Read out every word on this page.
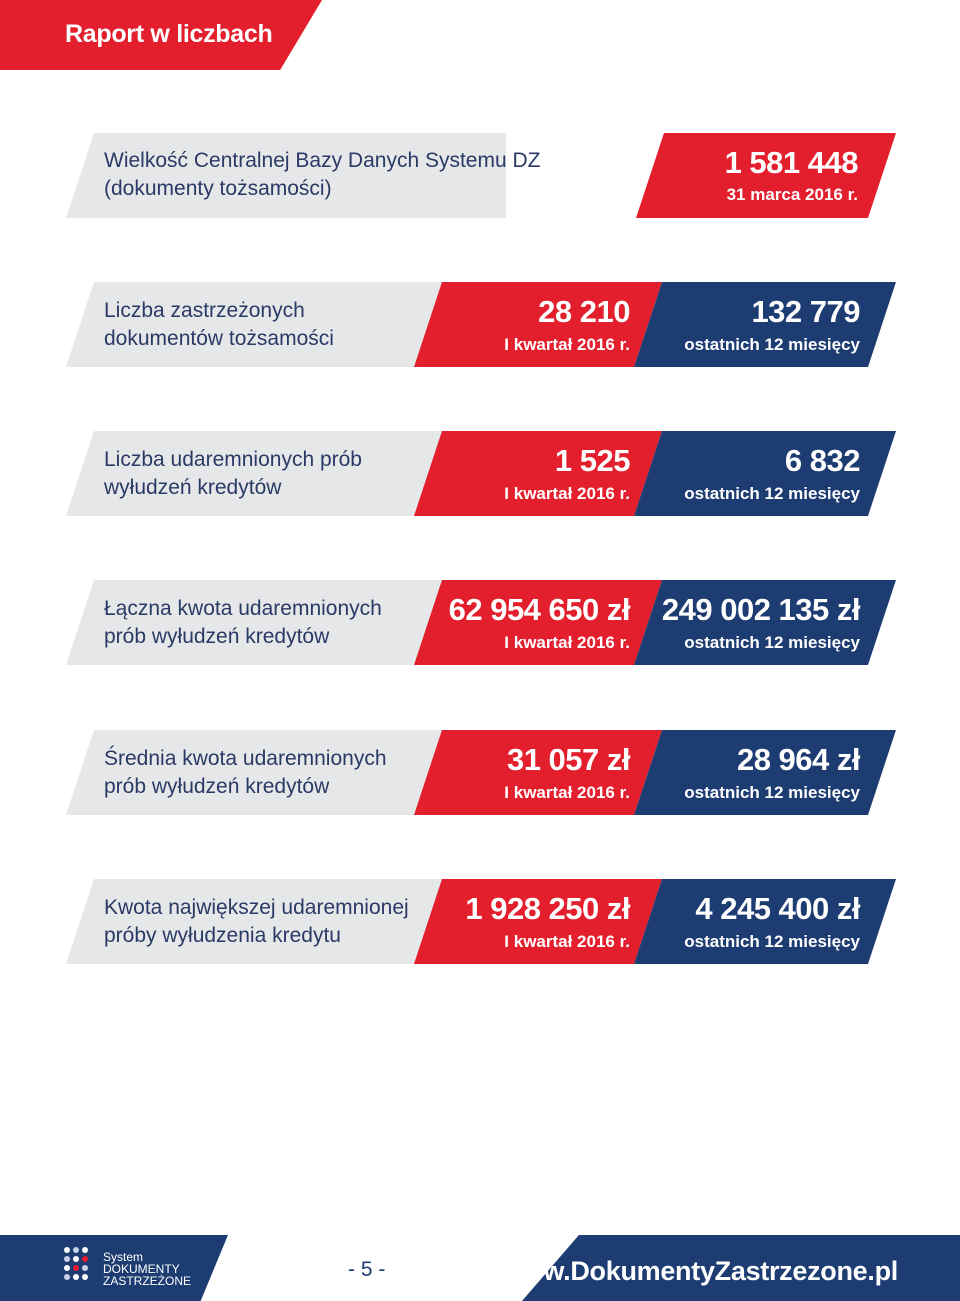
Raport w liczbach
Wielkość Centralnej Bazy Danych Systemu DZ
(dokumenty tożsamości)
1 581 448
31 marca 2016 r.
Liczba zastrzeżonych
dokumentów tożsamości
28 210
I kwartał 2016 r.
132 779
ostatnich 12 miesięcy
Liczba udaremnionych prób
wyłudzeń kredytów
1 525
I kwartał 2016 r.
6 832
ostatnich 12 miesięcy
Łączna kwota udaremnionych
prób wyłudzeń kredytów
62 954 650 zł
I kwartał 2016 r.
249 002 135 zł
ostatnich 12 miesięcy
Średnia kwota udaremnionych
prób wyłudzeń kredytów
31 057 zł
I kwartał 2016 r.
28 964 zł
ostatnich 12 miesięcy
Kwota największej udaremnionej
próby wyłudzenia kredytu
1 928 250 zł
I kwartał 2016 r.
4 245 400 zł
ostatnich 12 miesięcy
System
DOKUMENTY
ZASTRZEŻONE	- 5 -	www.DokumentyZastrzezone.pl
